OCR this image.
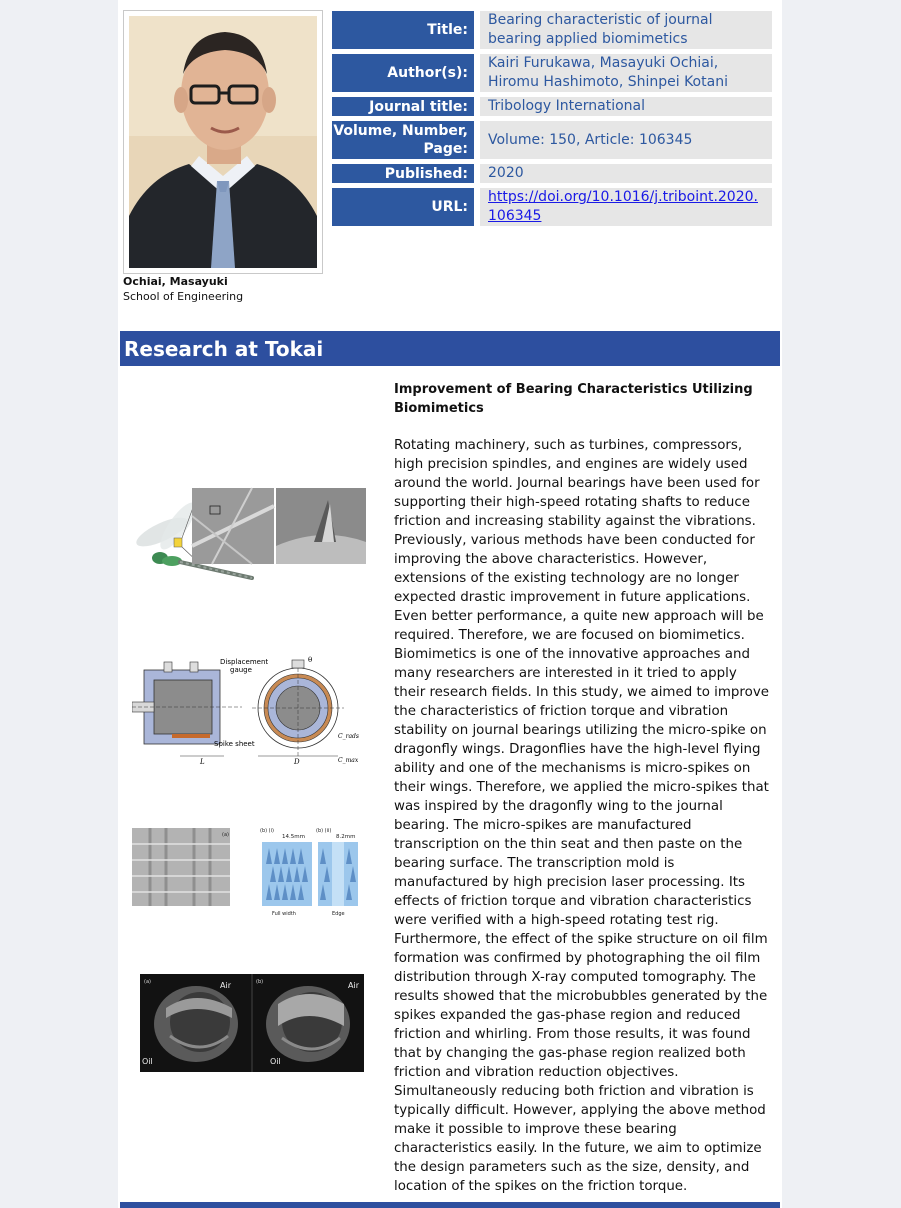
Ochiai, Masayuki
School of Engineering
Title:
Bearing characteristic of journal bearing applied biomimetics
Author(s):
Kairi Furukawa, Masayuki Ochiai, Hiromu Hashimoto, Shinpei Kotani
Journal title:	Tribology International
Volume, Number, Page:
Volume: 150, Article: 106345
Published:	2020
URL:
https://doi.org/10.1016/j.triboint.2020.106345
Research at Tokai
L
Displacement
gauge
Spike sheet
θ
D
C_rads
C_max
(a)
(b) (i)
14.5mm
Full width
(b) (ii)
8.2mm
Edge
(a)	(b)
Air
Oil
Air
Oil
Improvement of Bearing Characteristics Utilizing Biomimetics
Rotating machinery, such as turbines, compressors, high precision spindles, and engines are widely used around the world. Journal bearings have been used for supporting their high-speed rotating shafts to reduce friction and increasing stability against the vibrations. Previously, various methods have been conducted for improving the above characteristics. However, extensions of the existing technology are no longer expected drastic improvement in future applications. Even better performance, a quite new approach will be required. Therefore, we are focused on biomimetics. Biomimetics is one of the innovative approaches and many researchers are interested in it tried to apply their research fields. In this study, we aimed to improve the characteristics of friction torque and vibration stability on journal bearings utilizing the micro-spike on dragonfly wings. Dragonflies have the high-level flying ability and one of the mechanisms is micro-spikes on their wings. Therefore, we applied the micro-spikes that was inspired by the dragonfly wing to the journal bearing. The micro-spikes are manufactured transcription on the thin seat and then paste on the bearing surface. The transcription mold is manufactured by high precision laser processing. Its effects of friction torque and vibration characteristics were verified with a high-speed rotating test rig. Furthermore, the effect of the spike structure on oil film formation was confirmed by photographing the oil film distribution through X-ray computed tomography. The results showed that the microbubbles generated by the spikes expanded the gas-phase region and reduced friction and whirling. From those results, it was found that by changing the gas-phase region realized both friction and vibration reduction objectives. Simultaneously reducing both friction and vibration is typically difficult. However, applying the above method make it possible to improve these bearing characteristics easily. In the future, we aim to optimize the design parameters such as the size, density, and location of the spikes on the friction torque.
